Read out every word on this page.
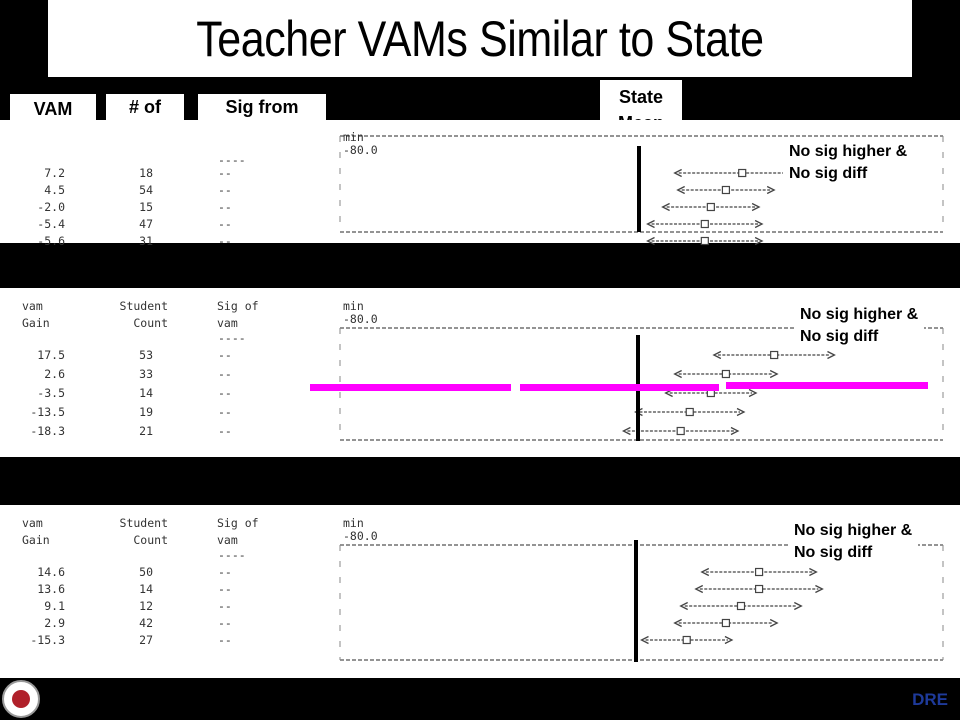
Teacher VAMs Similar to State
VAM	# of	Sig from	State

----
min
-80.0
7.2	18	--
4.5	54	--
-2.0	15	--
-5.4	47	--
-5.6	31	--
vam	Student	Sig of
Gain	Count	vam
----
min
-80.0
17.5	53	--
2.6	33	--
-3.5	14	--
-13.5	19	--
-18.3	21	--
vam	Student	Sig of
Gain	Count	vam
----
min
-80.0
14.6	50	--
13.6	14	--
9.1	12	--
2.9	42	--
-15.3	27	--
No sig higher &
No sig diff
No sig higher &
No sig diff
No sig higher &
No sig diff
DRE
